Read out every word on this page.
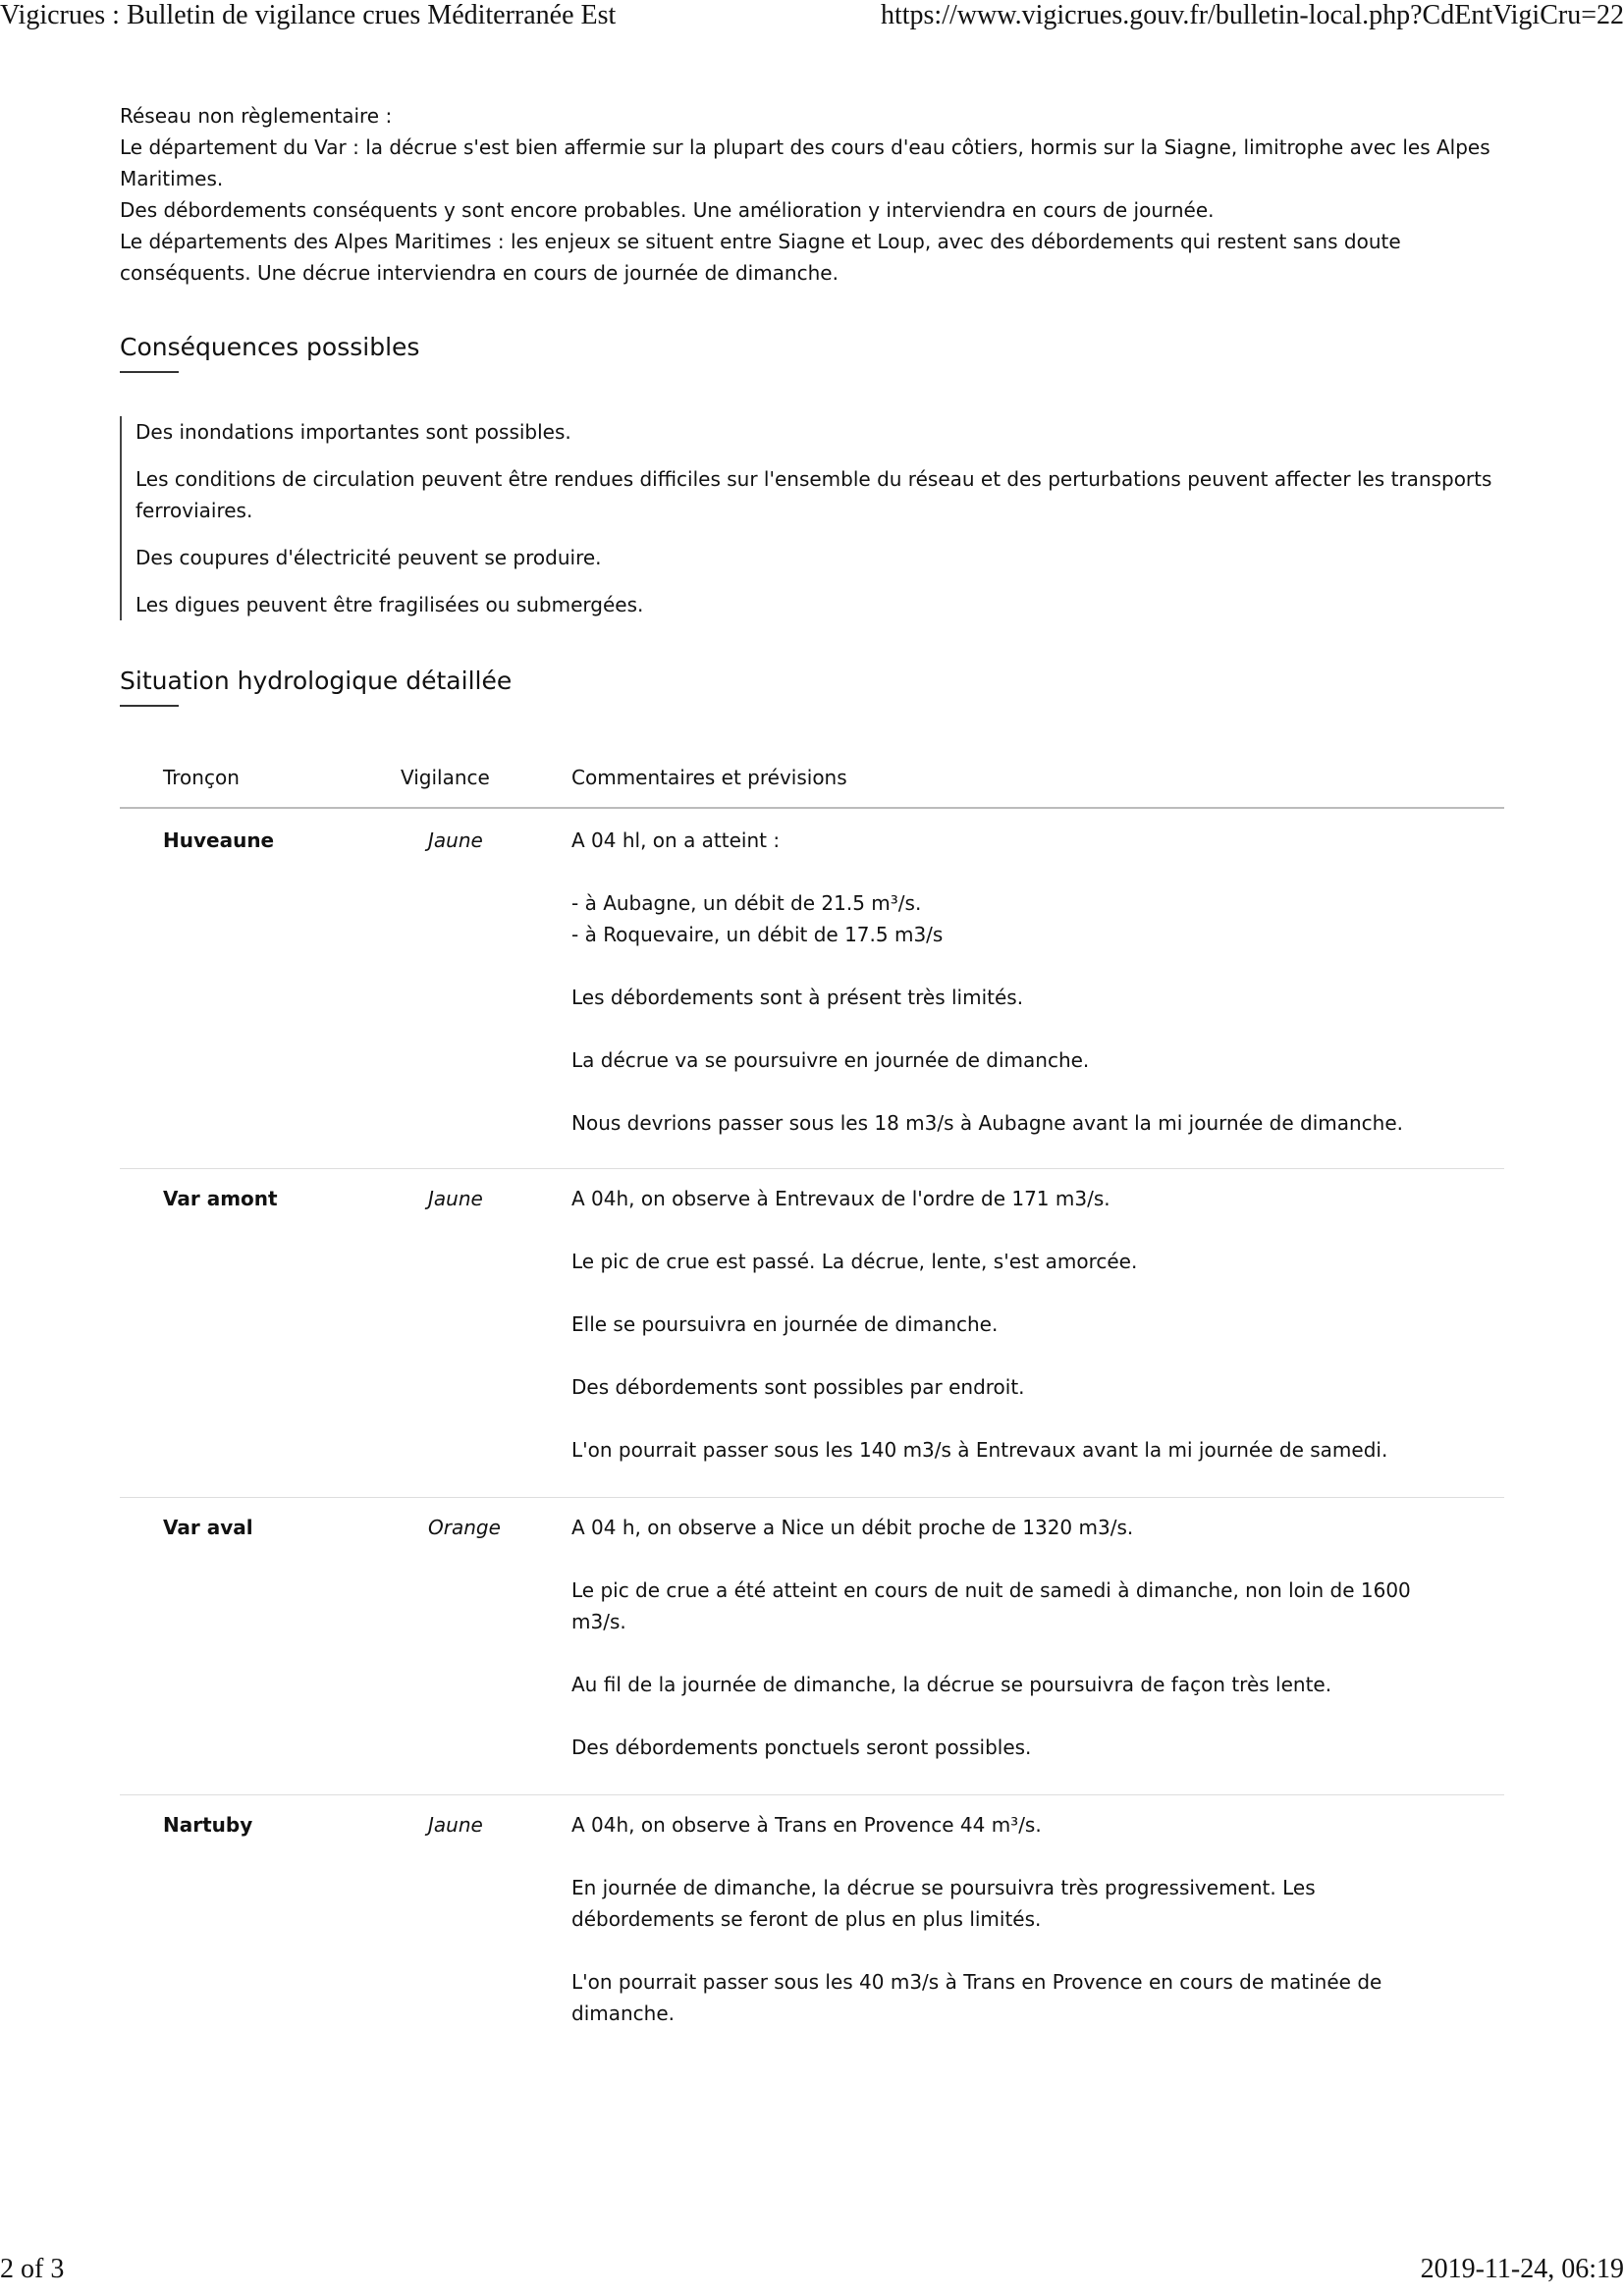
Vigicrues : Bulletin de vigilance crues Méditerranée Est	https://www.vigicrues.gouv.fr/bulletin-local.php?CdEntVigiCru=22

Réseau non règlementaire :

Le département du Var : la décrue s'est bien affermie sur la plupart des cours d'eau côtiers, hormis sur la Siagne, limitrophe avec les Alpes Maritimes.

Des débordements conséquents y sont encore probables. Une amélioration y interviendra en cours de journée.

Le départements des Alpes Maritimes : les enjeux se situent entre Siagne et Loup, avec des débordements qui restent sans doute conséquents. Une décrue interviendra en cours de journée de dimanche.

Conséquences possibles

Des inondations importantes sont possibles.

Les conditions de circulation peuvent être rendues difficiles sur l'ensemble du réseau et des perturbations peuvent affecter les transports ferroviaires.

Des coupures d'électricité peuvent se produire.

Les digues peuvent être fragilisées ou submergées.

Situation hydrologique détaillée
Tronçon	Vigilance	Commentaires et prévisions
Huveaune	Jaune	A 04 hl, on a atteint :

- à Aubagne, un débit de 21.5 m³/s.
- à Roquevaire, un débit de 17.5 m3/s

Les débordements sont à présent très limités.

La décrue va se poursuivre en journée de dimanche.

Nous devrions passer sous les 18 m3/s à Aubagne avant la mi journée de dimanche.

Var amont	Jaune	A 04h, on observe à Entrevaux de l'ordre de 171 m3/s.

Le pic de crue est passé. La décrue, lente, s'est amorcée.

Elle se poursuivra en journée de dimanche.

Des débordements sont possibles par endroit.

L'on pourrait passer sous les 140 m3/s à Entrevaux avant la mi journée de samedi.

Var aval	Orange	A 04 h, on observe a Nice un débit proche de 1320 m3/s.

Le pic de crue a été atteint en cours de nuit de samedi à dimanche, non loin de 1600 m3/s.

Au fil de la journée de dimanche, la décrue se poursuivra de façon très lente.

Des débordements ponctuels seront possibles.

Nartuby	Jaune	A 04h, on observe à Trans en Provence 44 m³/s.

En journée de dimanche, la décrue se poursuivra très progressivement. Les débordements se feront de plus en plus limités.

L'on pourrait passer sous les 40 m3/s à Trans en Provence en cours de matinée de dimanche.

2 of 3	2019-11-24, 06:19
